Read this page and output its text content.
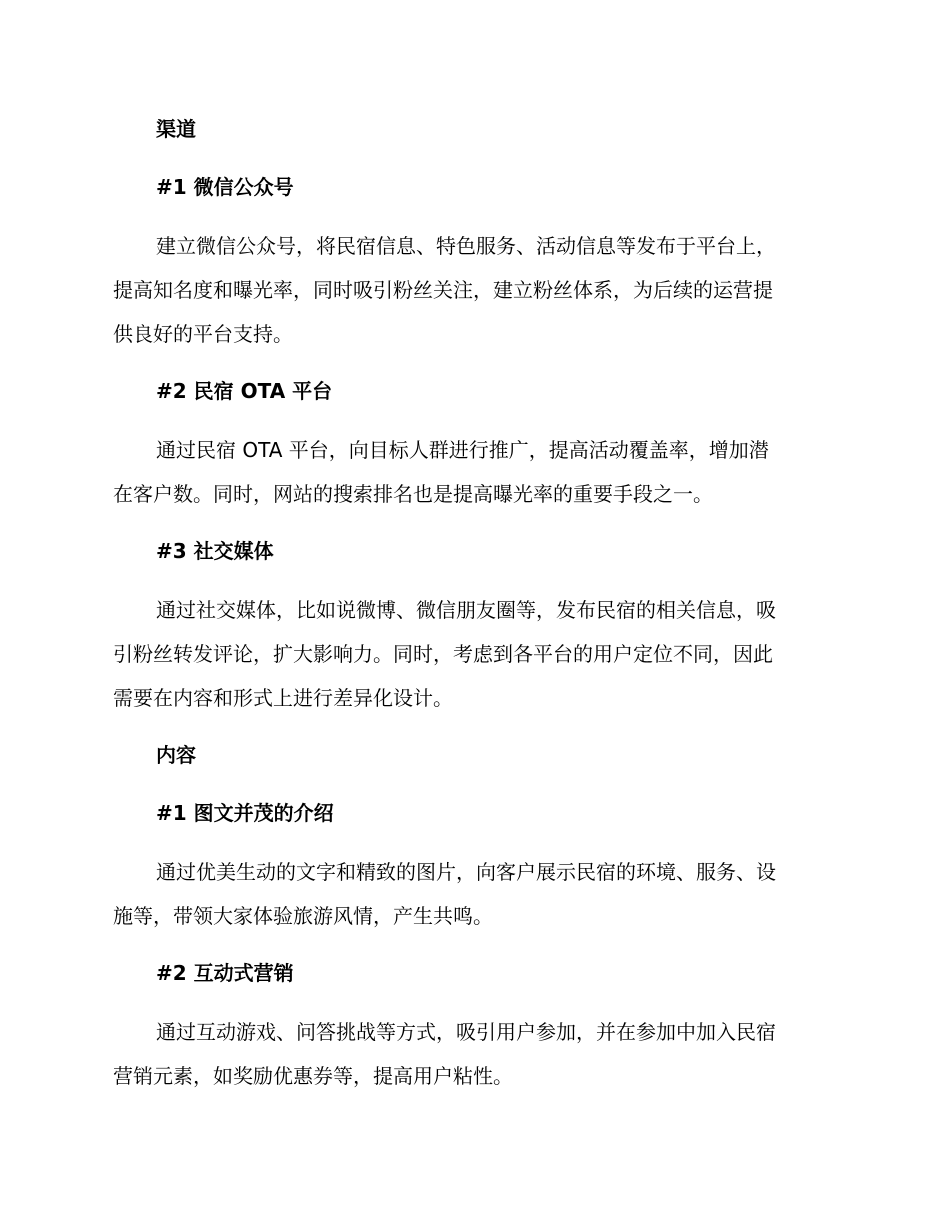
渠道
#1 微信公众号
建立微信公众号，将民宿信息、特色服务、活动信息等发布于平台上，
提高知名度和曝光率，同时吸引粉丝关注，建立粉丝体系，为后续的运营提
供良好的平台支持。
#2 民宿 OTA 平台
通过民宿 OTA 平台，向目标人群进行推广，提高活动覆盖率，增加潜
在客户数。同时，网站的搜索排名也是提高曝光率的重要手段之一。
#3 社交媒体
通过社交媒体，比如说微博、微信朋友圈等，发布民宿的相关信息，吸
引粉丝转发评论，扩大影响力。同时，考虑到各平台的用户定位不同，因此
需要在内容和形式上进行差异化设计。
内容
#1 图文并茂的介绍
通过优美生动的文字和精致的图片，向客户展示民宿的环境、服务、设
施等，带领大家体验旅游风情，产生共鸣。
#2 互动式营销
通过互动游戏、问答挑战等方式，吸引用户参加，并在参加中加入民宿
营销元素，如奖励优惠券等，提高用户粘性。
